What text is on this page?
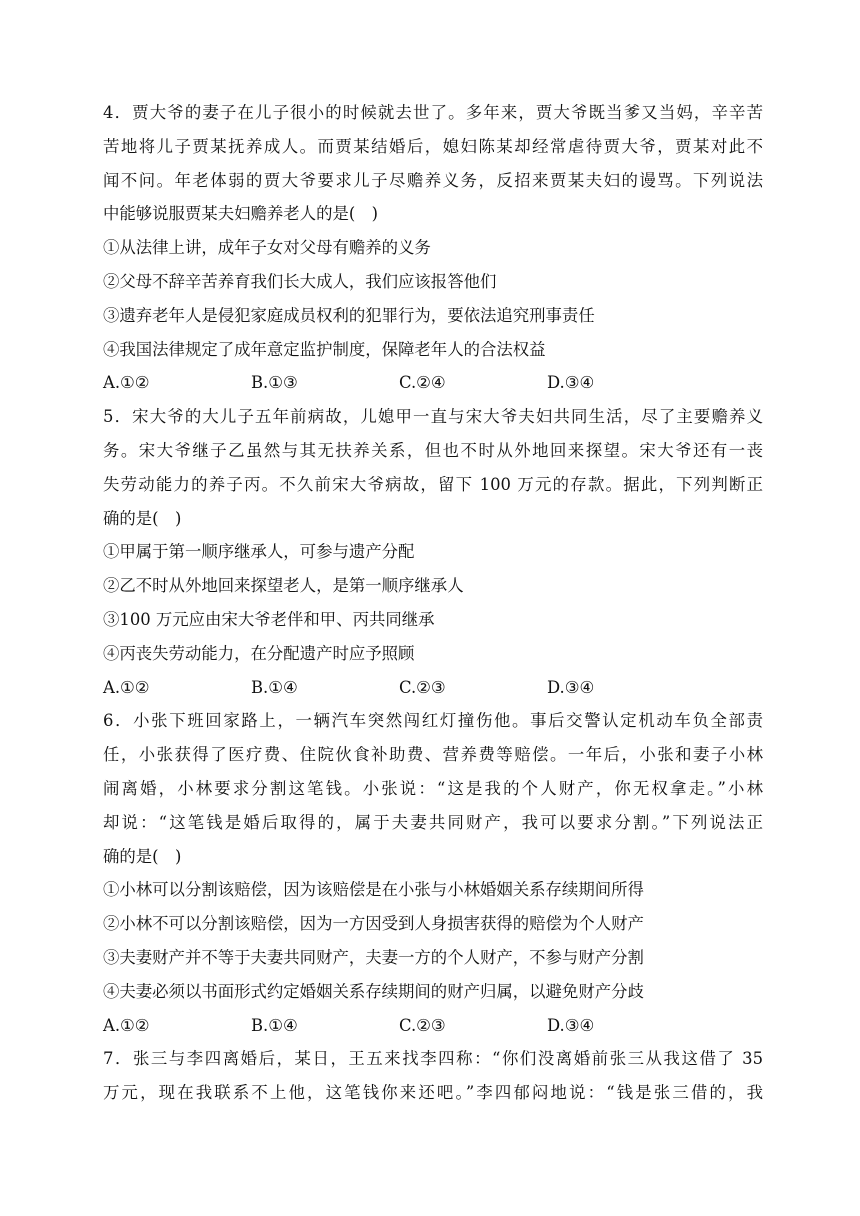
4．贾大爷的妻子在儿子很小的时候就去世了。多年来，贾大爷既当爹又当妈，辛辛苦
苦地将儿子贾某抚养成人。而贾某结婚后，媳妇陈某却经常虐待贾大爷，贾某对此不
闻不问。年老体弱的贾大爷要求儿子尽赡养义务，反招来贾某夫妇的谩骂。下列说法
中能够说服贾某夫妇赡养老人的是(　)
①从法律上讲，成年子女对父母有赡养的义务
②父母不辞辛苦养育我们长大成人，我们应该报答他们
③遗弃老年人是侵犯家庭成员权利的犯罪行为，要依法追究刑事责任
④我国法律规定了成年意定监护制度，保障老年人的合法权益
A.①②	B.①③	C.②④	D.③④
5．宋大爷的大儿子五年前病故，儿媳甲一直与宋大爷夫妇共同生活，尽了主要赡养义
务。宋大爷继子乙虽然与其无扶养关系，但也不时从外地回来探望。宋大爷还有一丧
失劳动能力的养子丙。不久前宋大爷病故，留下 100 万元的存款。据此，下列判断正
确的是(　)
①甲属于第一顺序继承人，可参与遗产分配
②乙不时从外地回来探望老人，是第一顺序继承人
③100 万元应由宋大爷老伴和甲、丙共同继承
④丙丧失劳动能力，在分配遗产时应予照顾
A.①②	B.①④	C.②③	D.③④
6．小张下班回家路上，一辆汽车突然闯红灯撞伤他。事后交警认定机动车负全部责
任，小张获得了医疗费、住院伙食补助费、营养费等赔偿。一年后，小张和妻子小林
闹离婚，小林要求分割这笔钱。小张说：“这是我的个人财产，你无权拿走。”小林
却说：“这笔钱是婚后取得的，属于夫妻共同财产，我可以要求分割。”下列说法正
确的是(　)
①小林可以分割该赔偿，因为该赔偿是在小张与小林婚姻关系存续期间所得
②小林不可以分割该赔偿，因为一方因受到人身损害获得的赔偿为个人财产
③夫妻财产并不等于夫妻共同财产，夫妻一方的个人财产，不参与财产分割
④夫妻必须以书面形式约定婚姻关系存续期间的财产归属，以避免财产分歧
A.①②	B.①④	C.②③	D.③④
7．张三与李四离婚后，某日，王五来找李四称：“你们没离婚前张三从我这借了 35
万元，现在我联系不上他，这笔钱你来还吧。”李四郁闷地说：“钱是张三借的，我
